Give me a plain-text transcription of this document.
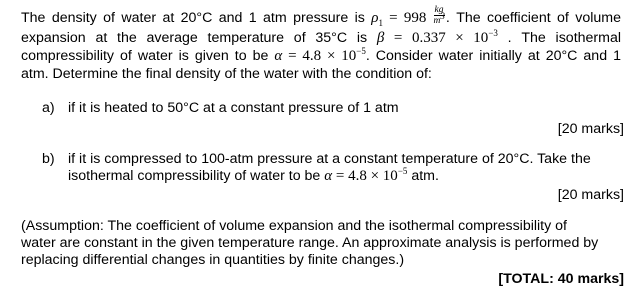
The density of water at 20°C and 1 atm pressure is $\rho_1 = 998 \frac{kg}{m^3}$ . The coefficient of volume
expansion at the average temperature of 35°C is $\beta = 0.337 \times 10^{-3}$ . The isothermal
compressibility of water is given to be $\alpha = 4.8 \times 10^{-5}$. Consider water initially at 20°C and 1
atm. Determine the final density of the water with the condition of:
a) if it is heated to 50°C at a constant pressure of 1 atm
[20 marks]
b) if it is compressed to 100-atm pressure at a constant temperature of 20°C. Take the
isothermal compressibility of water to be $\alpha = 4.8 \times 10^{-5}$ atm.
[20 marks]
(Assumption: The coefficient of volume expansion and the isothermal compressibility of
water are constant in the given temperature range. An approximate analysis is performed by
replacing differential changes in quantities by finite changes.)
[TOTAL: 40 marks]
